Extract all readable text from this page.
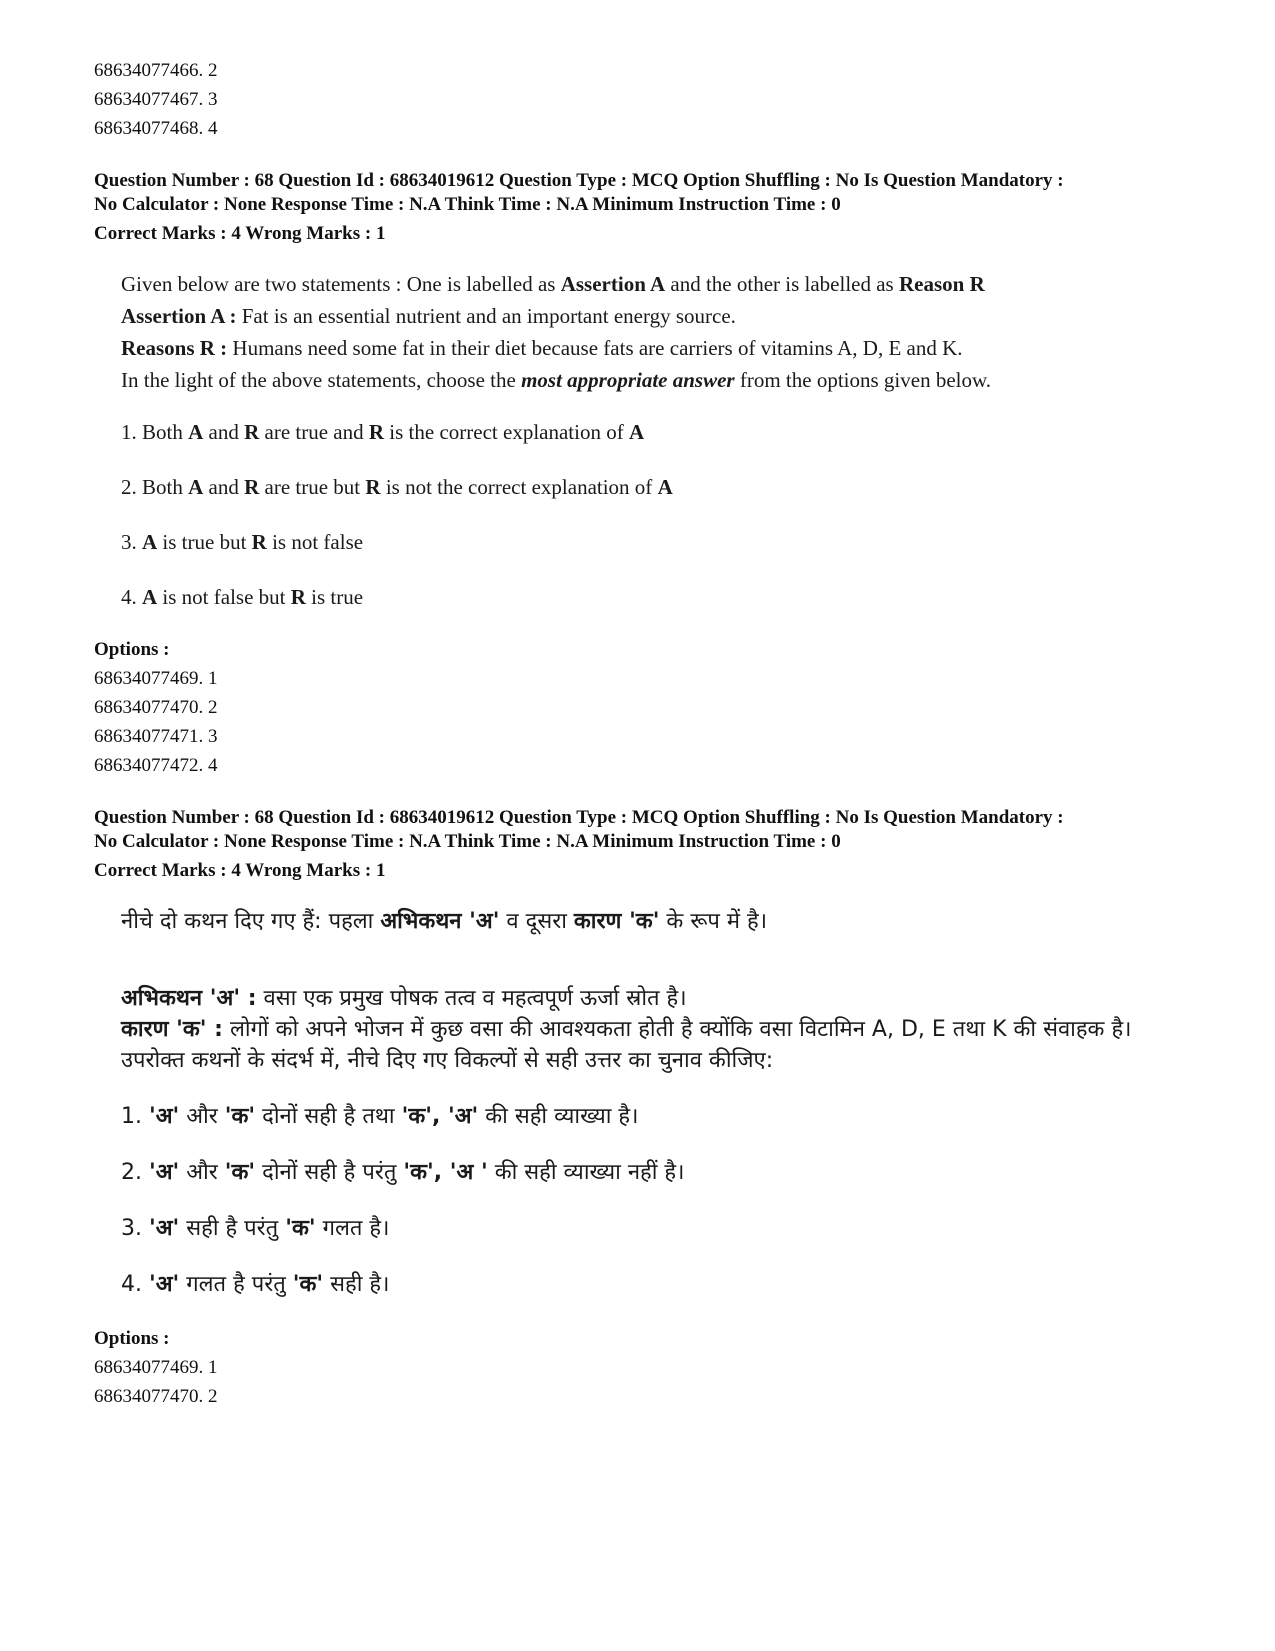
68634077466. 2
68634077467. 3
68634077468. 4
Question Number : 68 Question Id : 68634019612 Question Type : MCQ Option Shuffling : No Is Question Mandatory :
No Calculator : None Response Time : N.A Think Time : N.A Minimum Instruction Time : 0
Correct Marks : 4 Wrong Marks : 1

Given below are two statements : One is labelled as Assertion A and the other is labelled as Reason R

Assertion A : Fat is an essential nutrient and an important energy source.

Reasons R : Humans need some fat in their diet because fats are carriers of vitamins A, D, E and K.

In the light of the above statements, choose the most appropriate answer from the options given below.

1. Both A and R are true and R is the correct explanation of A

2. Both A and R are true but R is not the correct explanation of A

3. A is true but R is not false

4. A is not false but R is true

Options :
68634077469. 1
68634077470. 2
68634077471. 3
68634077472. 4
Question Number : 68 Question Id : 68634019612 Question Type : MCQ Option Shuffling : No Is Question Mandatory :
No Calculator : None Response Time : N.A Think Time : N.A Minimum Instruction Time : 0
Correct Marks : 4 Wrong Marks : 1

नीचे दो कथन दिए गए हैं: पहला अभिकथन 'अ' व दूसरा कारण 'क' के रूप में है।

अभिकथन 'अ' : वसा एक प्रमुख पोषक तत्व व महत्वपूर्ण ऊर्जा स्रोत है।

कारण 'क' : लोगों को अपने भोजन में कुछ वसा की आवश्यकता होती है क्योंकि वसा विटामिन A, D, E तथा K की संवाहक है।

उपरोक्त कथनों के संदर्भ में, नीचे दिए गए विकल्पों से सही उत्तर का चुनाव कीजिए:

1. 'अ' और 'क' दोनों सही है तथा 'क', 'अ' की सही व्याख्या है।

2. 'अ' और 'क' दोनों सही है परंतु 'क', 'अ ' की सही व्याख्या नहीं है।

3. 'अ' सही है परंतु 'क' गलत है।

4. 'अ' गलत है परंतु 'क' सही है।

Options :
68634077469. 1
68634077470. 2
